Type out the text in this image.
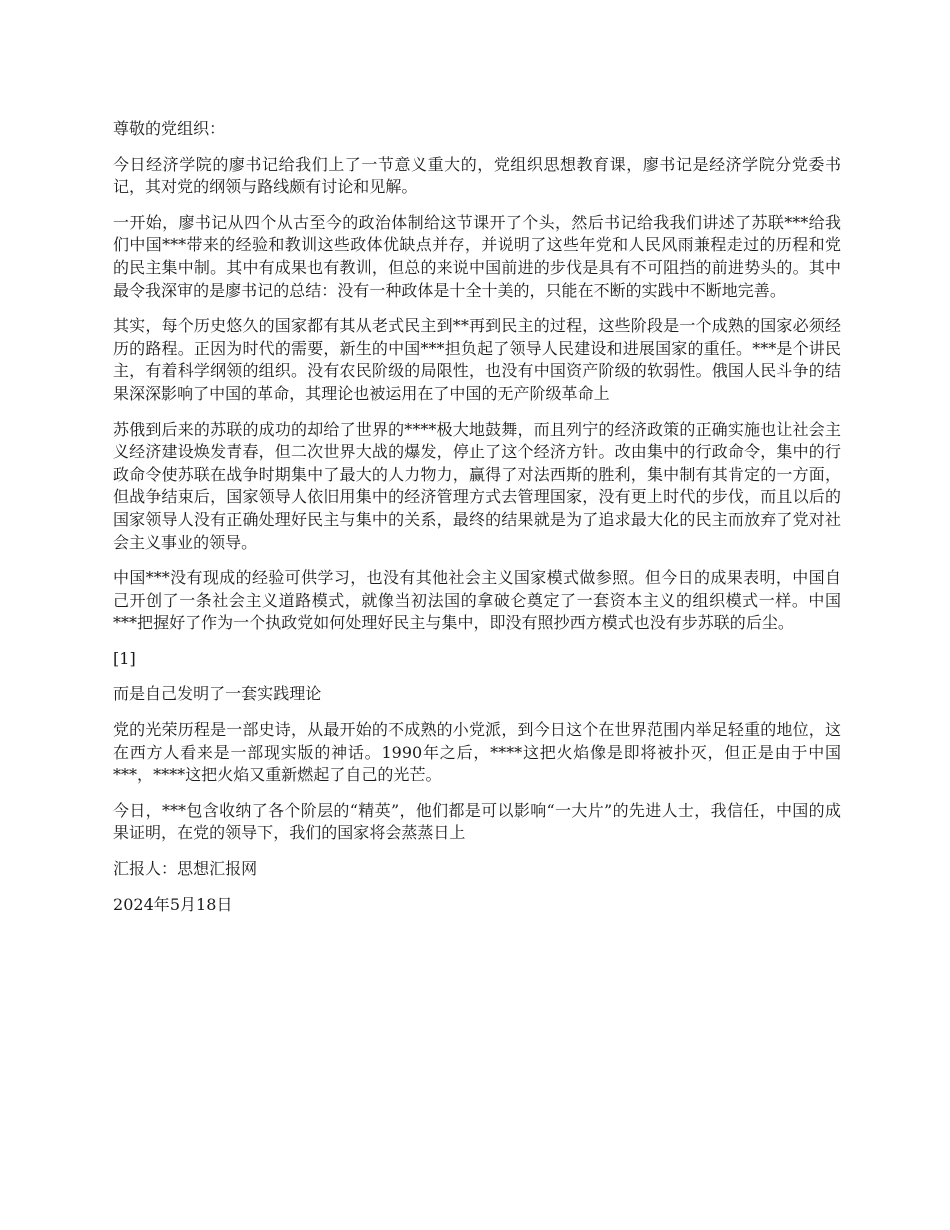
尊敬的党组织：

今日经济学院的廖书记给我们上了一节意义重大的，党组织思想教育课，廖书记是经济学院分党委书记，其对党的纲领与路线颇有讨论和见解。

一开始，廖书记从四个从古至今的政治体制给这节课开了个头，然后书记给我我们讲述了苏联***给我们中国***带来的经验和教训这些政体优缺点并存，并说明了这些年党和人民风雨兼程走过的历程和党的民主集中制。其中有成果也有教训，但总的来说中国前进的步伐是具有不可阻挡的前进势头的。其中最令我深审的是廖书记的总结：没有一种政体是十全十美的，只能在不断的实践中不断地完善。

其实，每个历史悠久的国家都有其从老式民主到**再到民主的过程，这些阶段是一个成熟的国家必须经历的路程。正因为时代的需要，新生的中国***担负起了领导人民建设和进展国家的重任。***是个讲民主，有着科学纲领的组织。没有农民阶级的局限性，也没有中国资产阶级的软弱性。俄国人民斗争的结果深深影响了中国的革命，其理论也被运用在了中国的无产阶级革命上

苏俄到后来的苏联的成功的却给了世界的****极大地鼓舞，而且列宁的经济政策的正确实施也让社会主义经济建设焕发青春，但二次世界大战的爆发，停止了这个经济方针。改由集中的行政命令，集中的行政命令使苏联在战争时期集中了最大的人力物力，赢得了对法西斯的胜利，集中制有其肯定的一方面，但战争结束后，国家领导人依旧用集中的经济管理方式去管理国家，没有更上时代的步伐，而且以后的国家领导人没有正确处理好民主与集中的关系，最终的结果就是为了追求最大化的民主而放弃了党对社会主义事业的领导。

中国***没有现成的经验可供学习，也没有其他社会主义国家模式做参照。但今日的成果表明，中国自己开创了一条社会主义道路模式，就像当初法国的拿破仑奠定了一套资本主义的组织模式一样。中国***把握好了作为一个执政党如何处理好民主与集中，即没有照抄西方模式也没有步苏联的后尘。

[1]

而是自己发明了一套实践理论

党的光荣历程是一部史诗，从最开始的不成熟的小党派，到今日这个在世界范围内举足轻重的地位，这在西方人看来是一部现实版的神话。1990年之后，****这把火焰像是即将被扑灭，但正是由于中国***，****这把火焰又重新燃起了自己的光芒。

今日，***包含收纳了各个阶层的“精英”，他们都是可以影响“一大片”的先进人士，我信任，中国的成果证明，在党的领导下，我们的国家将会蒸蒸日上

汇报人：思想汇报网

2024年5月18日
